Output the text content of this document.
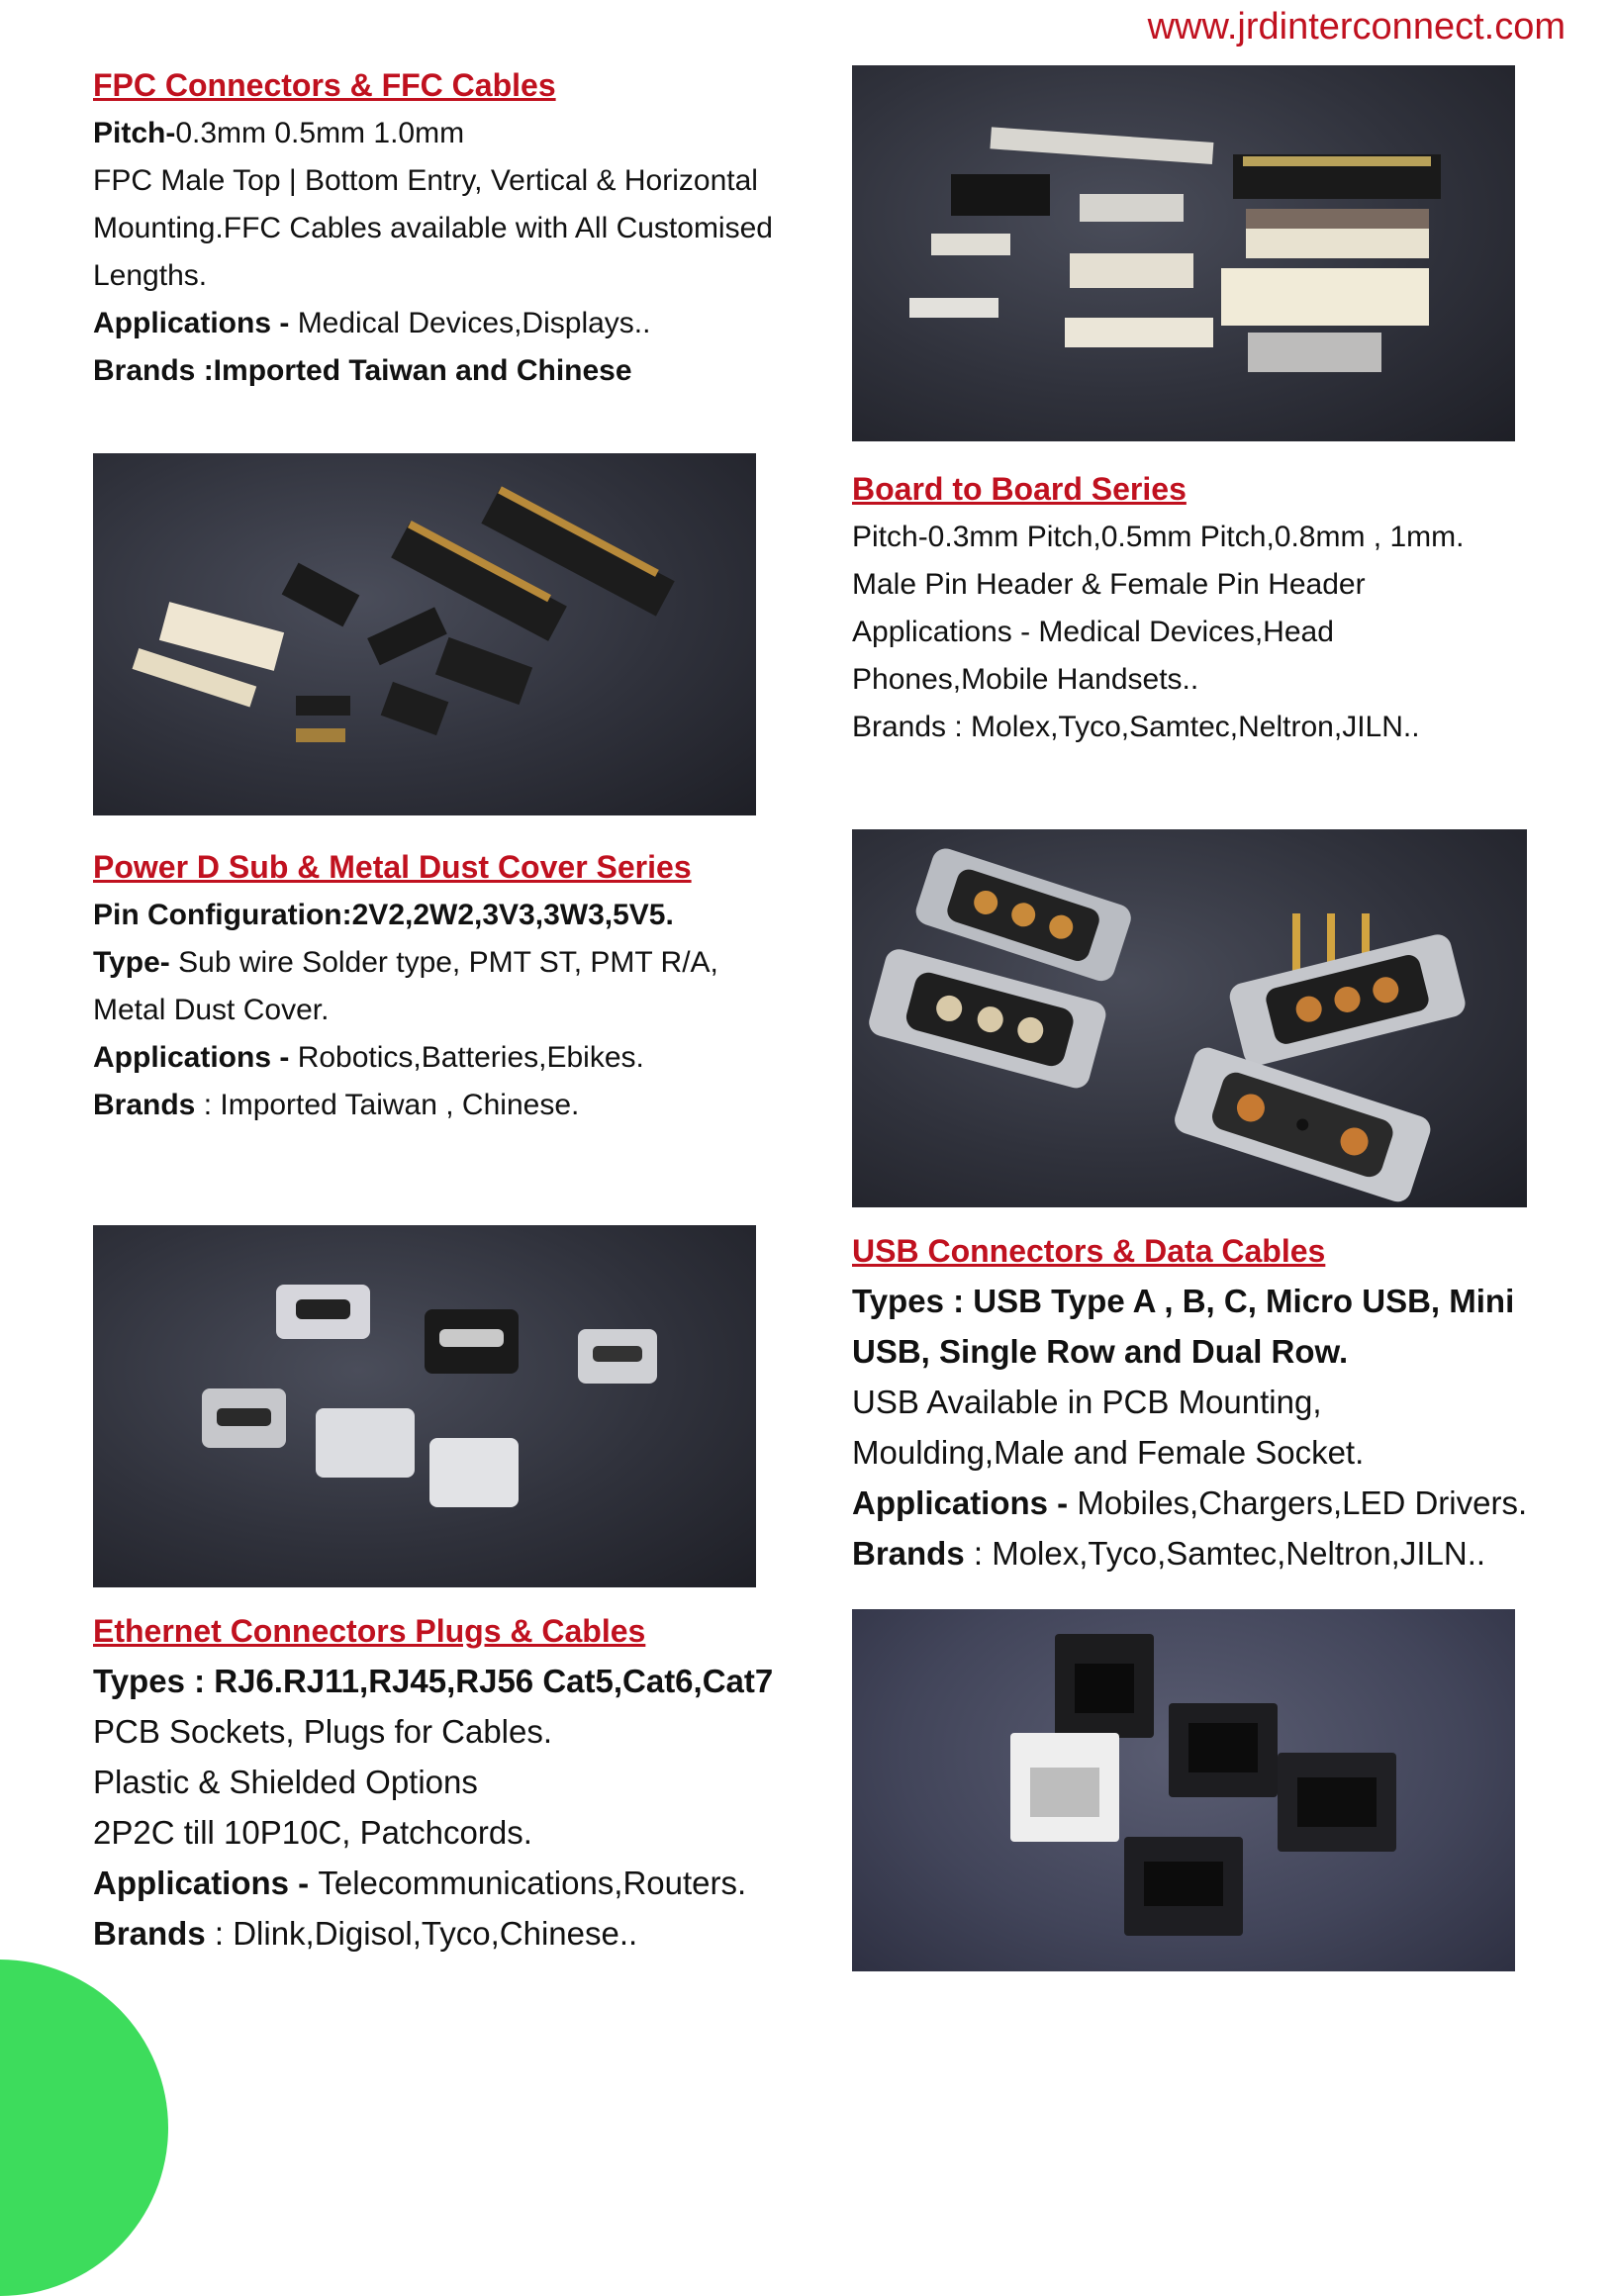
www.jrdinterconnect.com
FPC Connectors & FFC Cables

Pitch-0.3mm 0.5mm 1.0mm

FPC Male Top | Bottom Entry, Vertical & Horizontal

Mounting.FFC Cables available with All Customised

Lengths.

Applications - Medical Devices,Displays..

Brands :Imported Taiwan and Chinese

Board to Board Series

Pitch-0.3mm Pitch,0.5mm Pitch,0.8mm , 1mm.

Male Pin Header & Female Pin Header

Applications - Medical Devices,Head

Phones,Mobile Handsets..

Brands : Molex,Tyco,Samtec,Neltron,JILN..

Power D Sub & Metal Dust Cover Series

Pin Configuration:2V2,2W2,3V3,3W3,5V5.

Type- Sub wire Solder type, PMT ST, PMT R/A,

Metal Dust Cover.

Applications - Robotics,Batteries,Ebikes.

Brands : Imported Taiwan , Chinese.

USB Connectors & Data Cables

Types : USB Type A , B, C, Micro USB, Mini

USB, Single Row and Dual Row.

USB Available in PCB Mounting,

Moulding,Male and Female Socket.

Applications - Mobiles,Chargers,LED Drivers.

Brands : Molex,Tyco,Samtec,Neltron,JILN..

Ethernet Connectors Plugs & Cables

Types : RJ6.RJ11,RJ45,RJ56 Cat5,Cat6,Cat7

PCB Sockets, Plugs for Cables.

Plastic & Shielded Options

2P2C till 10P10C, Patchcords.

Applications - Telecommunications,Routers.

Brands : Dlink,Digisol,Tyco,Chinese..
